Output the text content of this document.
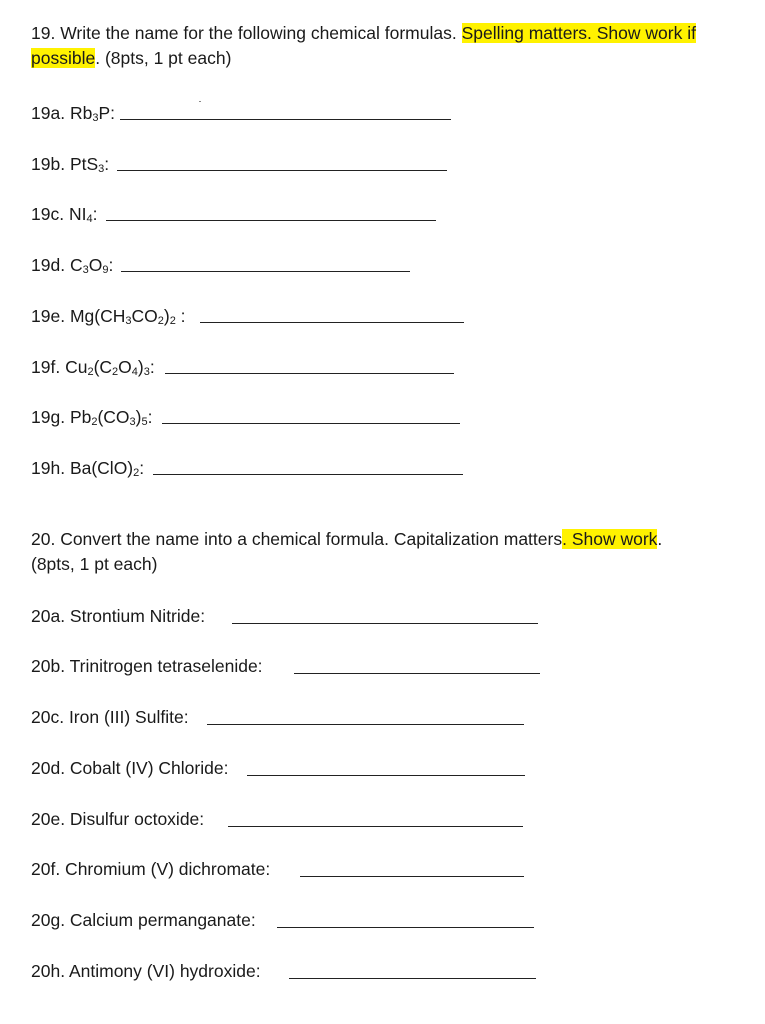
19. Write the name for the following chemical formulas. Spelling matters. Show work if possible. (8pts, 1 pt each)
20. Convert the name into a chemical formula. Capitalization matters. Show work.
(8pts, 1 pt each)
19a. $Rb_3P$:
19b. PtS$_3$:
19c. $NI_4$:
19d. $C_3O_9$:
19e. $Mg(CH_3CO_2)_2$ :
19f. $Cu_2(C_2O_4)_3$:
19g. $Pb_2(CO_3)_5$:
19h. $Ba(ClO)_2$:
20a. Strontium Nitride:
20b. Trinitrogen tetraselenide:
20c. Iron (III) Sulfite:
20d. Cobalt (IV) Chloride:
20e. Disulfur octoxide:
20f. Chromium (V) dichromate:
20g. Calcium permanganate:
20h. Antimony (VI) hydroxide:
